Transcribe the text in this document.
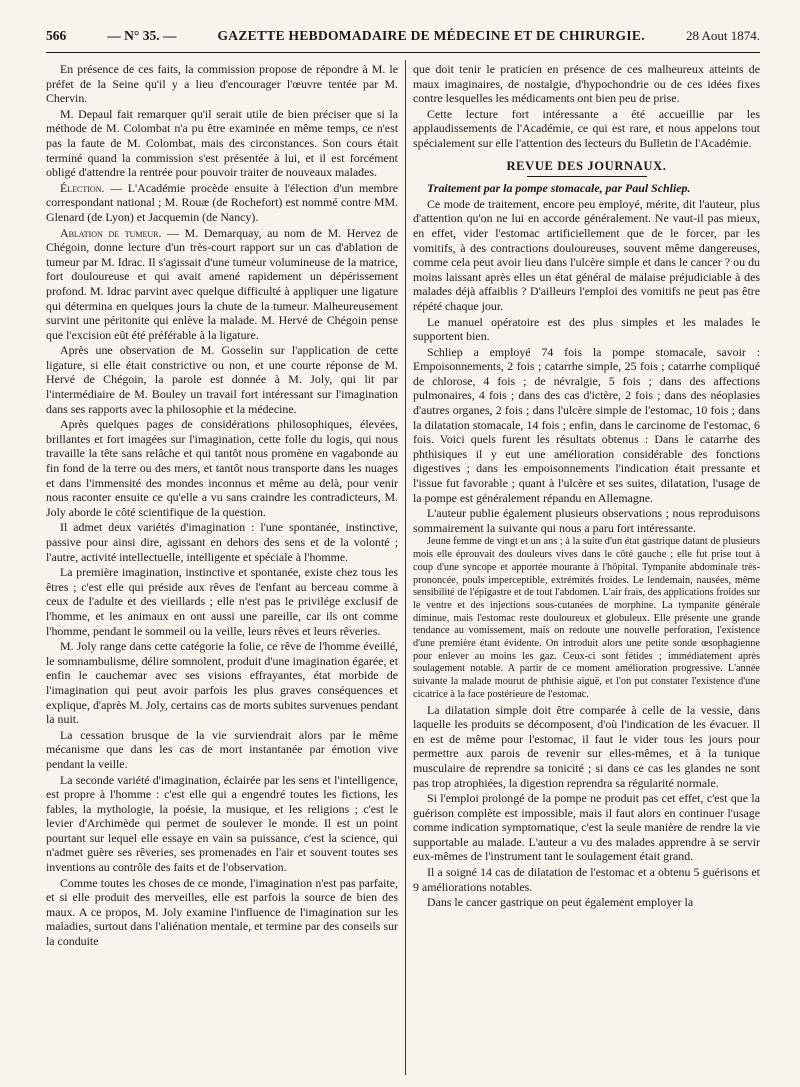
566	— N° 35. —	GAZETTE HEBDOMADAIRE DE MÉDECINE ET DE CHIRURGIE.	28 Aout 1874.

En présence de ces faits, la commission propose de répondre à M. le préfet de la Seine qu'il y a lieu d'encourager l'œuvre tentée par M. Chervin.

M. Depaul fait remarquer qu'il serait utile de bien préciser que si la méthode de M. Colombat n'a pu être examinée en même temps, ce n'est pas la faute de M. Colombat, mais des circonstances. Son cours était terminé quand la commission s'est présentée à lui, et il est forcément obligé d'attendre la rentrée pour pouvoir traiter de nouveaux malades.

Élection. — L'Académie procède ensuite à l'élection d'un membre correspondant national ; M. Rouæ (de Rochefort) est nommé contre MM. Glenard (de Lyon) et Jacquemin (de Nancy).

Ablation de tumeur. — M. Demarquay, au nom de M. Hervez de Chégoin, donne lecture d'un très-court rapport sur un cas d'ablation de tumeur par M. Idrac. Il s'agissait d'une tumeur volumineuse de la matrice, fort douloureuse et qui avait amené rapidement un dépérissement profond. M. Idrac parvint avec quelque difficulté à appliquer une ligature qui détermina en quelques jours la chute de la tumeur. Malheureusement survint une péritonite qui enlève la malade. M. Hervé de Chégoin pense que l'excision eût été préférable à la ligature.

Après une observation de M. Gosselin sur l'application de cette ligature, si elle était constrictive ou non, et une courte réponse de M. Hervé de Chégoin, la parole est donnée à M. Joly, qui lit par l'intermédiaire de M. Bouley un travail fort intéressant sur l'imagination dans ses rapports avec la philosophie et la médecine.

Après quelques pages de considérations philosophiques, élevées, brillantes et fort imagées sur l'imagination, cette folle du logis, qui nous travaille la tête sans relâche et qui tantôt nous promène en vagabonde au fin fond de la terre ou des mers, et tantôt nous transporte dans les nuages et dans l'immensité des mondes inconnus et même au delà, pour venir nous raconter ensuite ce qu'elle a vu sans craindre les contradicteurs, M. Joly aborde le côté scientifique de la question.

Il admet deux variétés d'imagination : l'une spontanée, instinctive, passive pour ainsi dire, agissant en dehors des sens et de la volonté ; l'autre, activité intellectuelle, intelligente et spéciale à l'homme.

La première imagination, instinctive et spontanée, existe chez tous les êtres ; c'est elle qui préside aux rêves de l'enfant au berceau comme à ceux de l'adulte et des vieillards ; elle n'est pas le privilége exclusif de l'homme, et les animaux en ont aussi une pareille, car ils ont comme l'homme, pendant le sommeil ou la veille, leurs rêves et leurs rêveries.

M. Joly range dans cette catégorie la folie, ce rêve de l'homme éveillé, le somnambulisme, délire somnolent, produit d'une imagination égarée, et enfin le cauchemar avec ses visions effrayantes, état morbide de l'imagination qui peut avoir parfois les plus graves conséquences et explique, d'après M. Joly, certains cas de morts subites survenues pendant la nuit.

La cessation brusque de la vie surviendrait alors par le même mécanisme que dans les cas de mort instantanée par émotion vive pendant la veille.

La seconde variété d'imagination, éclairée par les sens et l'intelligence, est propre à l'homme : c'est elle qui a engendré toutes les fictions, les fables, la mythologie, la poésie, la musique, et les religions ; c'est le levier d'Archimède qui permet de soulever le monde. Il est un point pourtant sur lequel elle essaye en vain sa puissance, c'est la science, qui n'admet guère ses rêveries, ses promenades en l'air et souvent toutes ses inventions au contrôle des faits et de l'observation.

Comme toutes les choses de ce monde, l'imagination n'est pas parfaite, et si elle produit des merveilles, elle est parfois la source de bien des maux. A ce propos, M. Joly examine l'influence de l'imagination sur les maladies, surtout dans l'aliénation mentale, et termine par des conseils sur la conduite

que doit tenir le praticien en présence de ces malheureux atteints de maux imaginaires, de nostalgie, d'hypochondrie ou de ces idées fixes contre lesquelles les médicaments ont bien peu de prise.

Cette lecture fort intéressante a été accueillie par les applaudissements de l'Académie, ce qui est rare, et nous appelons tout spécialement sur elle l'attention des lecteurs du Bulletin de l'Académie.

REVUE DES JOURNAUX.

Traitement par la pompe stomacale, par Paul Schliep.

Ce mode de traitement, encore peu employé, mérite, dit l'auteur, plus d'attention qu'on ne lui en accorde généralement. Ne vaut-il pas mieux, en effet, vider l'estomac artificiellement que de le forcer, par les vomitifs, à des contractions douloureuses, souvent même dangereuses, comme cela peut avoir lieu dans l'ulcère simple et dans le cancer ? ou du moins laissant après elles un état général de malaise préjudiciable à des malades déjà affaiblis ? D'ailleurs l'emploi des vomitifs ne peut pas être répété chaque jour.

Le manuel opératoire est des plus simples et les malades le supportent bien.

Schliep a employé 74 fois la pompe stomacale, savoir : Empoisonnements, 2 fois ; catarrhe simple, 25 fois ; catarrhe compliqué de chlorose, 4 fois ; de névralgie, 5 fois ; dans des affections pulmonaires, 4 fois ; dans des cas d'ictère, 2 fois ; dans des néoplasies d'autres organes, 2 fois ; dans l'ulcère simple de l'estomac, 10 fois ; dans la dilatation stomacale, 14 fois ; enfin, dans le carcinome de l'estomac, 6 fois. Voici quels furent les résultats obtenus : Dans le catarrhe des phthisiques il y eut une amélioration considérable des fonctions digestives ; dans les empoisonnements l'indication était pressante et l'issue fut favorable ; quant à l'ulcère et ses suites, dilatation, l'usage de la pompe est généralement répandu en Allemagne.

L'auteur publie également plusieurs observations ; nous reproduisons sommairement la suivante qui nous a paru fort intéressante.

Jeune femme de vingt et un ans ; à la suite d'un état gastrique datant de plusieurs mois elle éprouvait des douleurs vives dans le côté gauche ; elle fut prise tout à coup d'une syncope et apportée mourante à l'hôpital. Tympanite abdominale très-prononcée, pouls imperceptible, extrémités froides. Le lendemain, nausées, même sensibilité de l'épigastre et de tout l'abdomen. L'air frais, des applications froides sur le ventre et des injections sous-cutanées de morphine. La tympanite générale diminue, mais l'estomac reste douloureux et globuleux. Elle présente une grande tendance au vomissement, mais on redoute une nouvelle perforation, l'existence d'une première étant évidente. On introduit alors une petite sonde œsophagienne pour enlever au moins les gaz. Ceux-ci sont fétides ; immédiatement après soulagement notable. A partir de ce moment amélioration progressive. L'année suivante la malade mourut de phthisie aiguë, et l'on put constater l'existence d'une cicatrice à la face postérieure de l'estomac.

La dilatation simple doit être comparée à celle de la vessie, dans laquelle les produits se décomposent, d'où l'indication de les évacuer. Il en est de même pour l'estomac, il faut le vider tous les jours pour permettre aux parois de revenir sur elles-mêmes, et à la tunique musculaire de reprendre sa tonicité ; si dans ce cas les glandes ne sont pas trop atrophiées, la digestion reprendra sa régularité normale.

Si l'emploi prolongé de la pompe ne produit pas cet effet, c'est que la guérison complète est impossible, mais il faut alors en continuer l'usage comme indication symptomatique, c'est la seule manière de rendre la vie supportable au malade. L'auteur a vu des malades apprendre à se servir eux-mêmes de l'instrument tant le soulagement était grand.

Il a soigné 14 cas de dilatation de l'estomac et a obtenu 5 guérisons et 9 améliorations notables.

Dans le cancer gastrique on peut également employer la
